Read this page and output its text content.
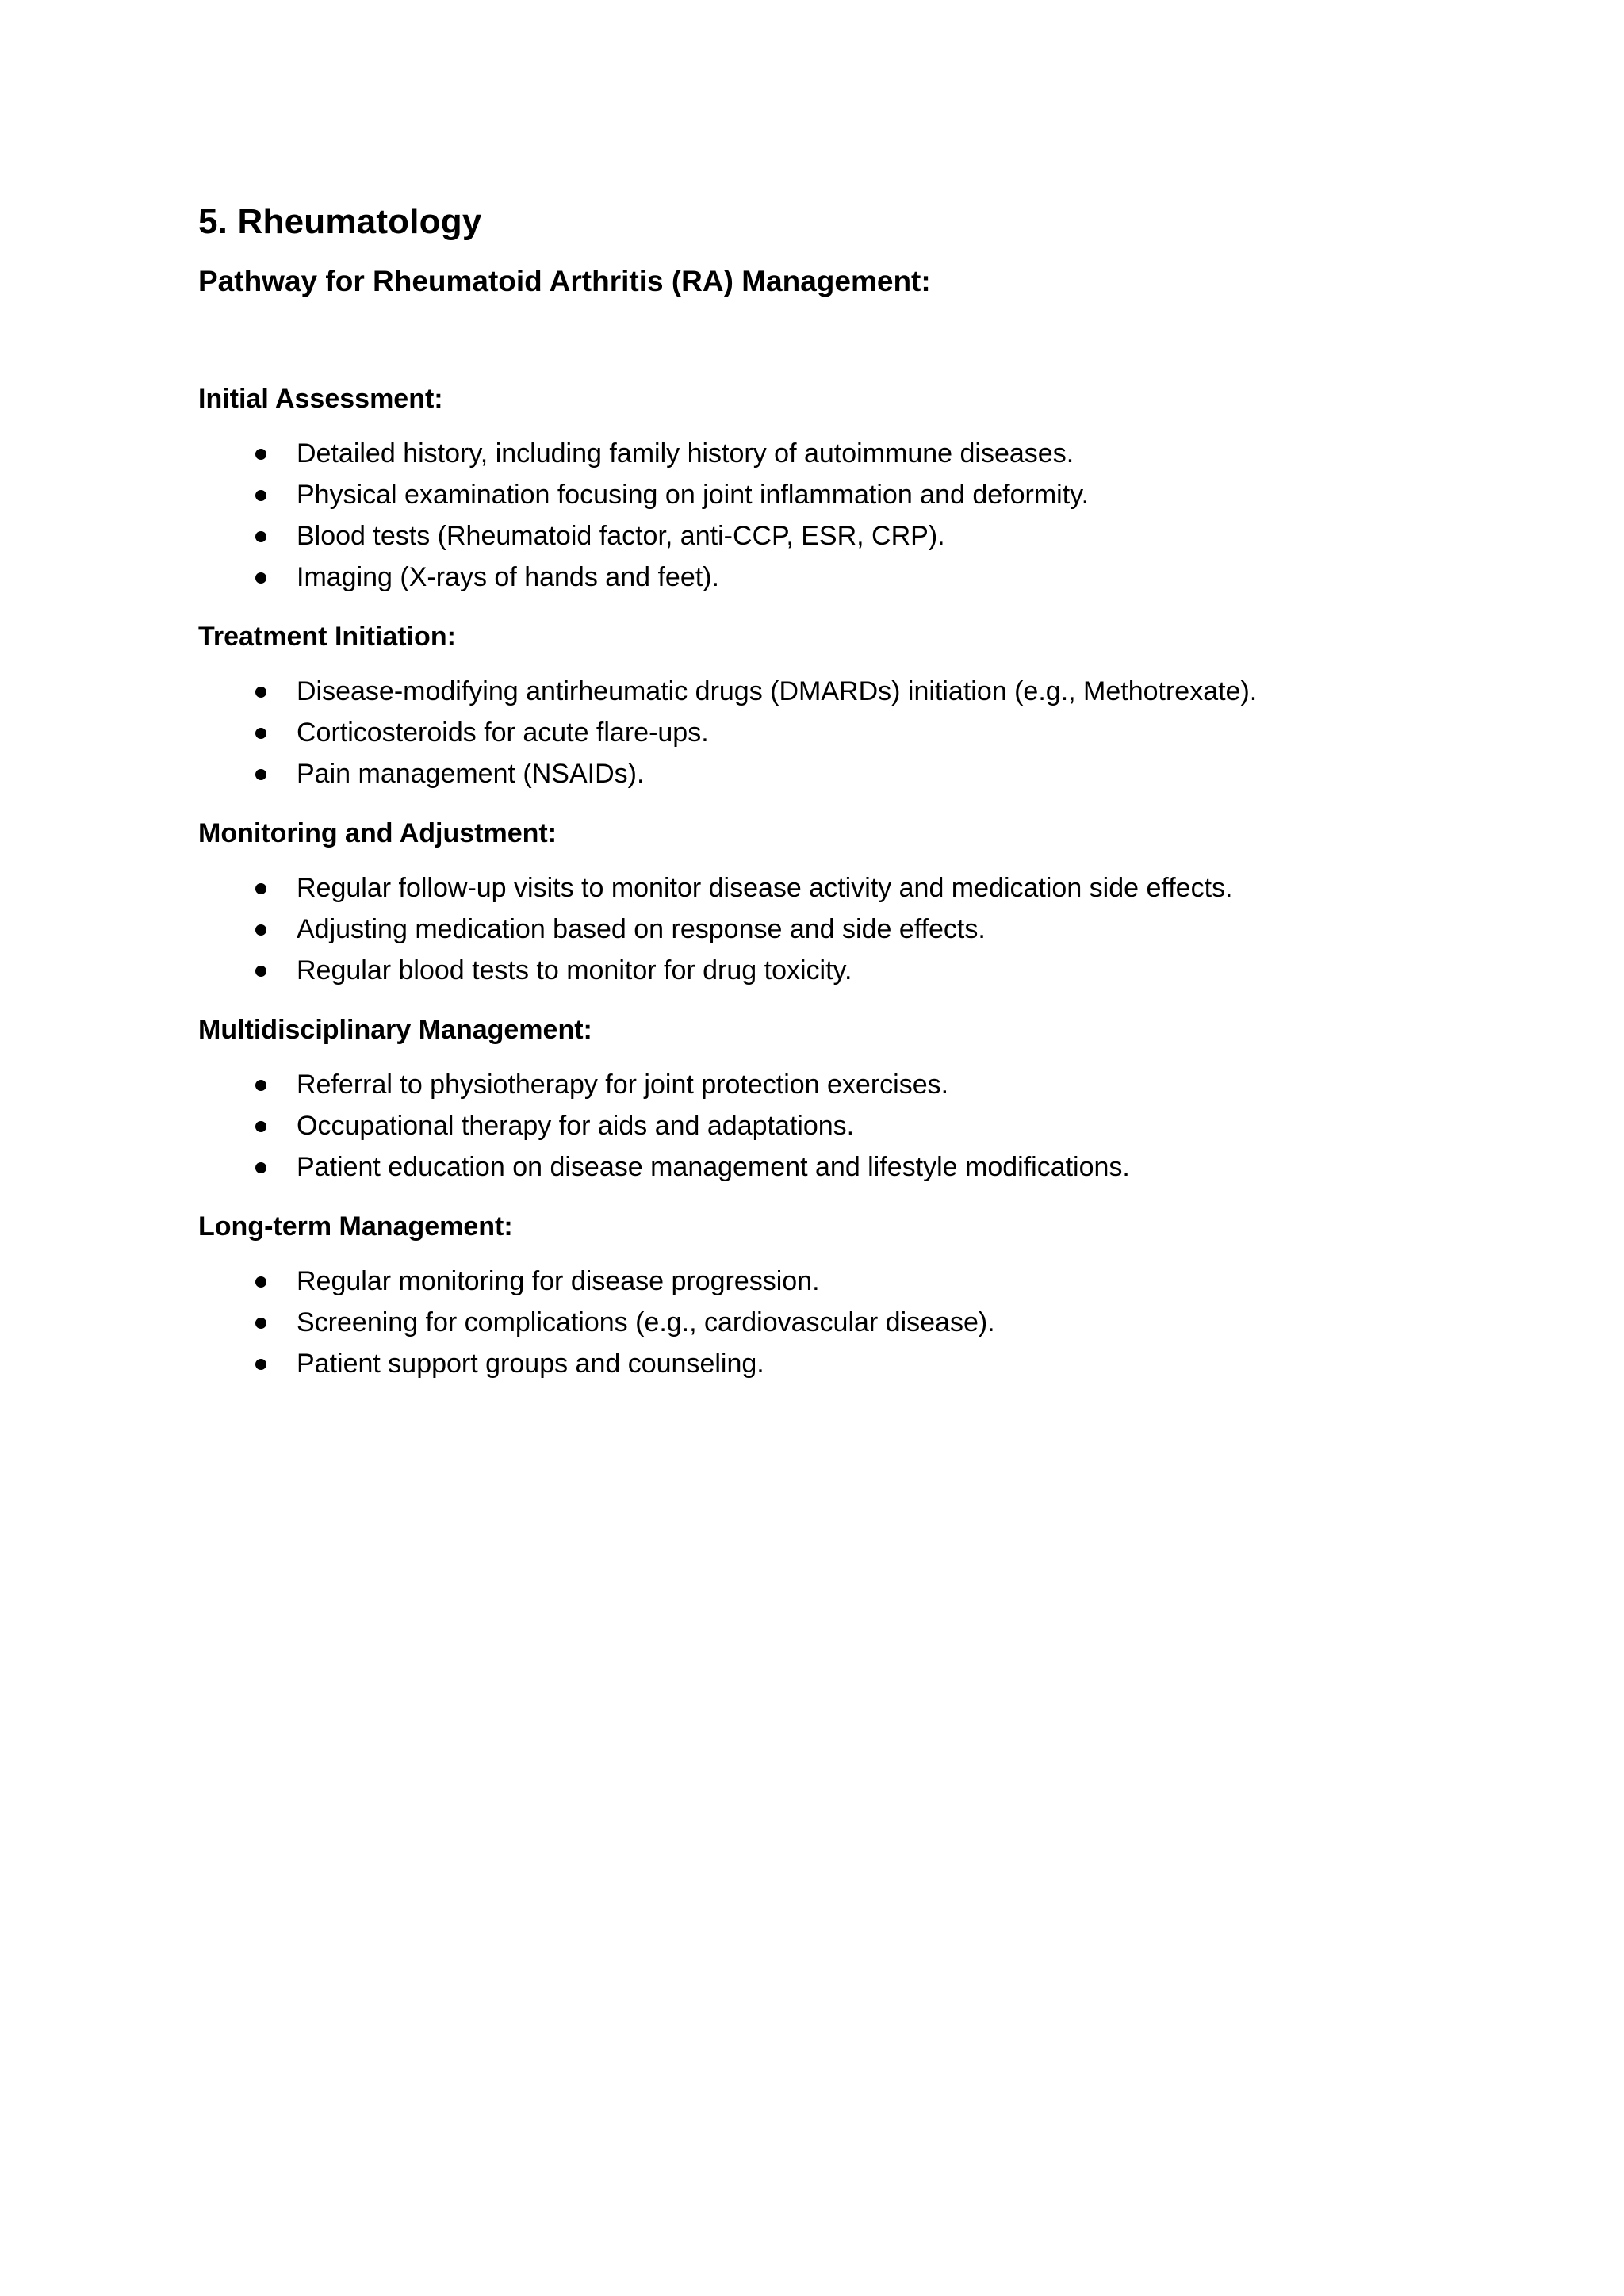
5. Rheumatology
Pathway for Rheumatoid Arthritis (RA) Management:
Initial Assessment:
Detailed history, including family history of autoimmune diseases.
Physical examination focusing on joint inflammation and deformity.
Blood tests (Rheumatoid factor, anti-CCP, ESR, CRP).
Imaging (X-rays of hands and feet).
Treatment Initiation:
Disease-modifying antirheumatic drugs (DMARDs) initiation (e.g., Methotrexate).
Corticosteroids for acute flare-ups.
Pain management (NSAIDs).
Monitoring and Adjustment:
Regular follow-up visits to monitor disease activity and medication side effects.
Adjusting medication based on response and side effects.
Regular blood tests to monitor for drug toxicity.
Multidisciplinary Management:
Referral to physiotherapy for joint protection exercises.
Occupational therapy for aids and adaptations.
Patient education on disease management and lifestyle modifications.
Long-term Management:
Regular monitoring for disease progression.
Screening for complications (e.g., cardiovascular disease).
Patient support groups and counseling.
